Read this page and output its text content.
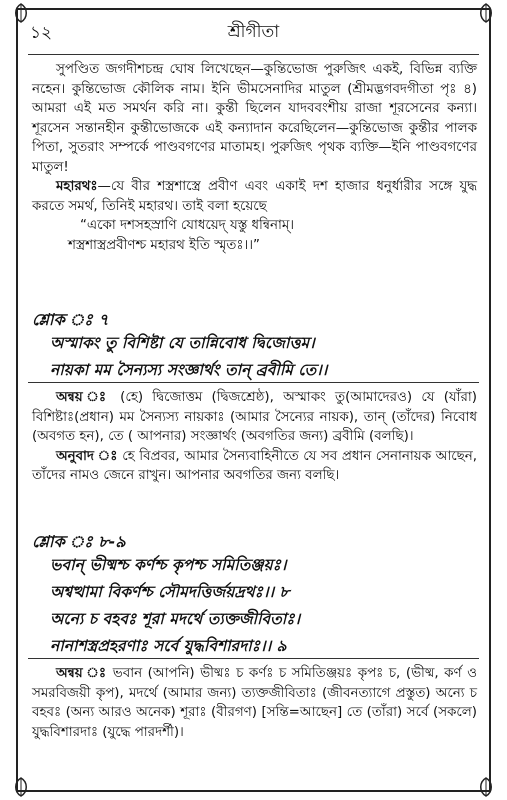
১২	শ্রীগীতা

সুপণ্ডিত জগদীশচন্দ্র ঘোষ লিখেছেন—কুন্তিভোজ পুরুজিৎ একই, বিভিন্ন ব্যক্তি নহেন। কুন্তিভোজ কৌলিক নাম। ইনি ভীমসেনাদির মাতুল (শ্রীমদ্ভগবদগীতা পৃঃ ৪) আমরা এই মত সমর্থন করি না। কুন্তী ছিলেন যাদববংশীয় রাজা শূরসেনের কন্যা। শূরসেন সন্তানহীন কুন্তীভোজকে এই কন্যাদান করেছিলেন—কুন্তিভোজ কুন্তীর পালক পিতা, সুতরাং সম্পর্কে পাণ্ডবগণের মাতামহ। পুরুজিৎ পৃথক ব্যক্তি—ইনি পাণ্ডবগণের মাতুল!

মহারথঃ—যে বীর শস্ত্রশাস্ত্রে প্রবীণ এবং একাই দশ হাজার ধনুর্ধারীর সঙ্গে যুদ্ধ করতে সমর্থ, তিনিই মহারথ। তাই বলা হয়েছে

“একো দশসহস্রাণি যোধয়েদ্ যস্তু ধন্বিনাম্।

শস্ত্রশাস্ত্রপ্রবীণশ্চ মহারথ ইতি স্মৃতঃ।।”

শ্লোক ঃ ৭
অস্মাকং তু বিশিষ্টা যে তান্নিবোধ দ্বিজোত্তম।
নায়কা মম সৈন্যস্য সংজ্ঞার্থং তান্ ব্রবীমি তে।।

অন্বয় ঃ (হে) দ্বিজোত্তম (দ্বিজশ্রেষ্ঠ), অস্মাকং তু(আমাদেরও) যে (যাঁরা) বিশিষ্টাঃ(প্রধান) মম সৈন্যস্য নায়কাঃ (আমার সৈন্যের নায়ক), তান্ (তাঁদের) নিবোধ (অবগত হন), তে ( আপনার) সংজ্ঞার্থং (অবগতির জন্য) ব্রবীমি (বলছি)।

অনুবাদ ঃ হে বিপ্রবর, আমার সৈন্যবাহিনীতে যে সব প্রধান সেনানায়ক আছেন, তাঁদের নামও জেনে রাখুন। আপনার অবগতির জন্য বলছি।

শ্লোক ঃ ৮-৯
ভবান্ ভীষ্মশ্চ কর্ণশ্চ কৃপশ্চ সমিতিঞ্জয়ঃ।
অশ্বত্থামা বিকর্ণশ্চ সৌমদত্তির্জয়দ্রথঃ।। ৮
অন্যে চ বহবঃ শূরা মদর্থে ত্যক্তজীবিতাঃ।
নানাশস্ত্রপ্রহরণাঃ সর্বে যুদ্ধবিশারদাঃ।। ৯

অন্বয় ঃ ভবান (আপনি) ভীষ্মঃ চ কর্ণঃ চ সমিতিঞ্জয়ঃ কৃপঃ চ, (ভীষ্ম, কর্ণ ও সমরবিজয়ী কৃপ), মদর্থে (আমার জন্য) ত্যক্তজীবিতাঃ (জীবনত্যাগে প্রস্তুত) অন্যে চ বহবঃ (অন্য আরও অনেক) শূরাঃ (বীরগণ) [সন্তি=আছেন] তে (তাঁরা) সর্বে (সকলে) যুদ্ধবিশারদাঃ (যুদ্ধে পারদর্শী)।
